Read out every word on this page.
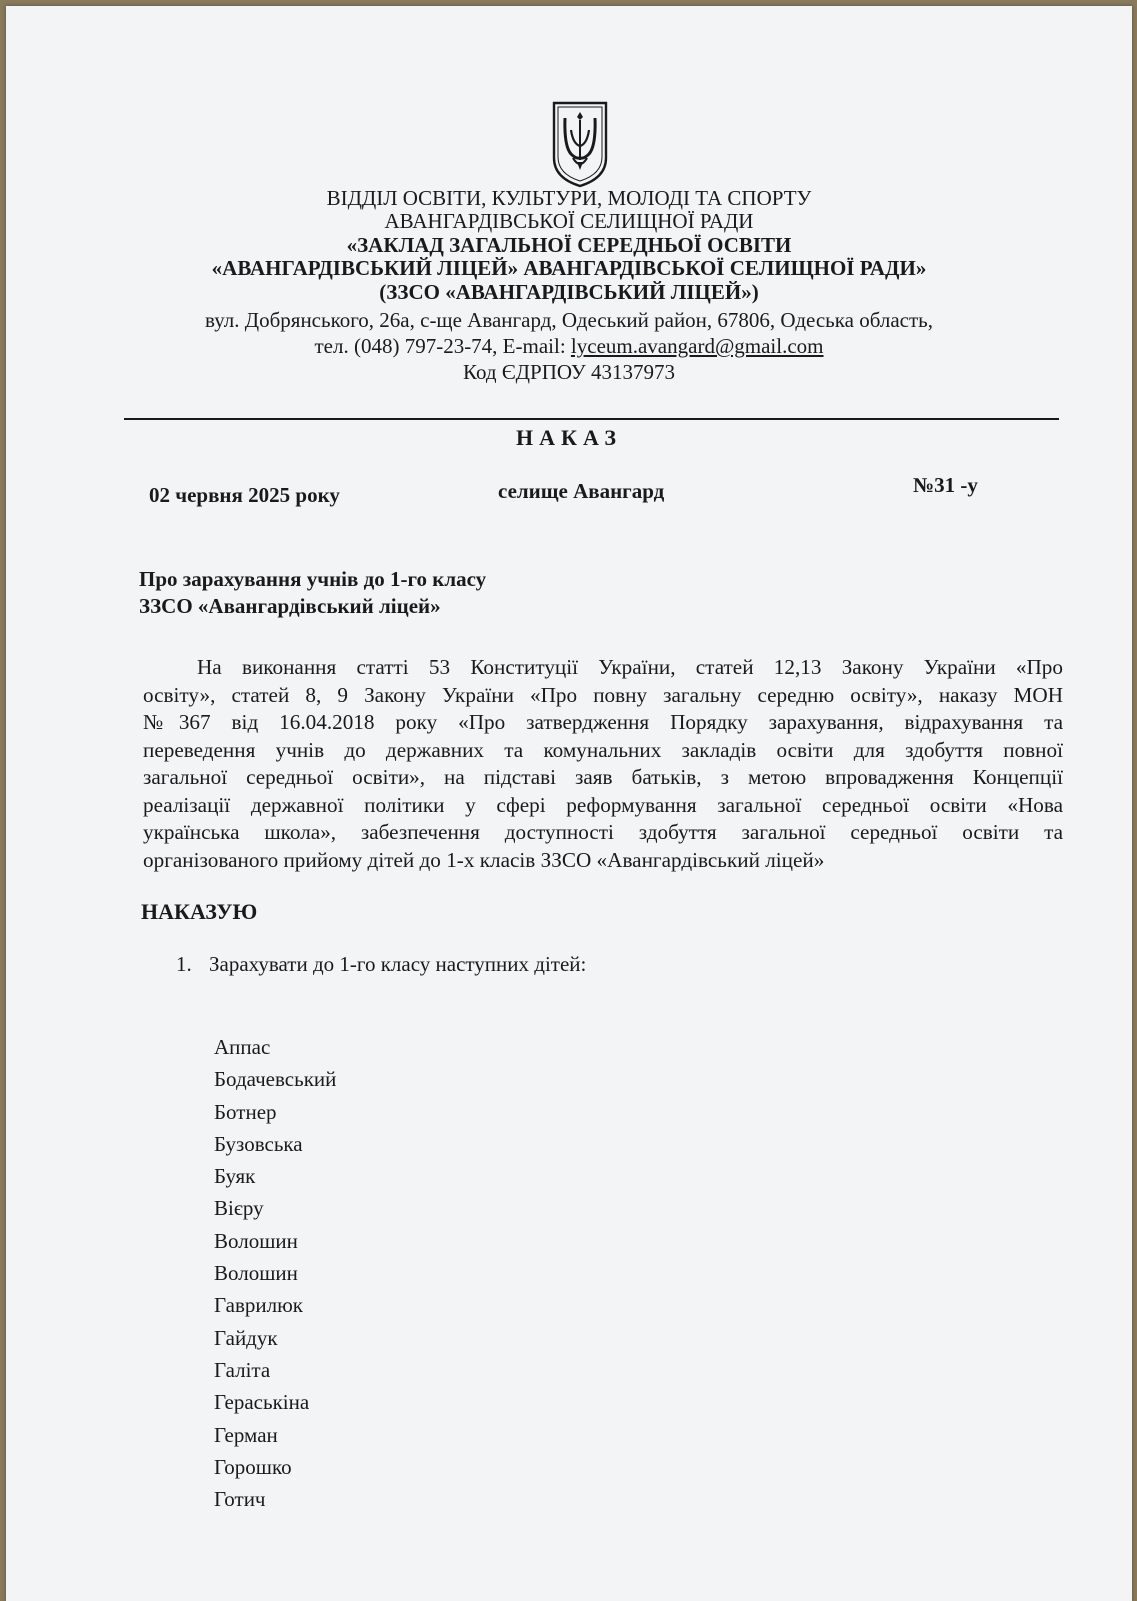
ВІДДІЛ ОСВІТИ, КУЛЬТУРИ, МОЛОДІ ТА СПОРТУ
АВАНГАРДІВСЬКОЇ СЕЛИЩНОЇ РАДИ
«ЗАКЛАД ЗАГАЛЬНОЇ СЕРЕДНЬОЇ ОСВІТИ
«АВАНГАРДІВСЬКИЙ ЛІЦЕЙ» АВАНГАРДІВСЬКОЇ СЕЛИЩНОЇ РАДИ»
(ЗЗСО «АВАНГАРДІВСЬКИЙ ЛІЦЕЙ»)
вул. Добрянського, 26а, с-ще Авангард, Одеський район, 67806, Одеська область,
тел. (048) 797-23-74, E-mail: lyceum.avangard@gmail.com
Код ЄДРПОУ 43137973
НАКАЗ
02 червня 2025 року	селище Авангард	№31 -у
Про зарахування учнів до 1-го класу
ЗЗСО «Авангардівський ліцей»
На виконання статті 53 Конституції України, статей 12,13 Закону України «Про
освіту», статей 8, 9 Закону України «Про повну загальну середню освіту», наказу МОН
№367 від 16.04.2018 року «Про затвердження Порядку зарахування, відрахування та
переведення учнів до державних та комунальних закладів освіти для здобуття повної
загальної середньої освіти», на підставі заяв батьків, з метою впровадження Концепції
реалізації державної політики у сфері реформування загальної середньої освіти «Нова
українська школа», забезпечення доступності здобуття загальної середньої освіти та
організованого прийому дітей до 1-х класів ЗЗСО «Авангардівський ліцей»
НАКАЗУЮ
1. Зарахувати до 1-го класу наступних дітей:
Аппас
Бодачевський
Ботнер
Бузовська
Буяк
Вієру
Волошин
Волошин
Гаврилюк
Гайдук
Галіта
Гераськіна
Герман
Горошко
Готич
